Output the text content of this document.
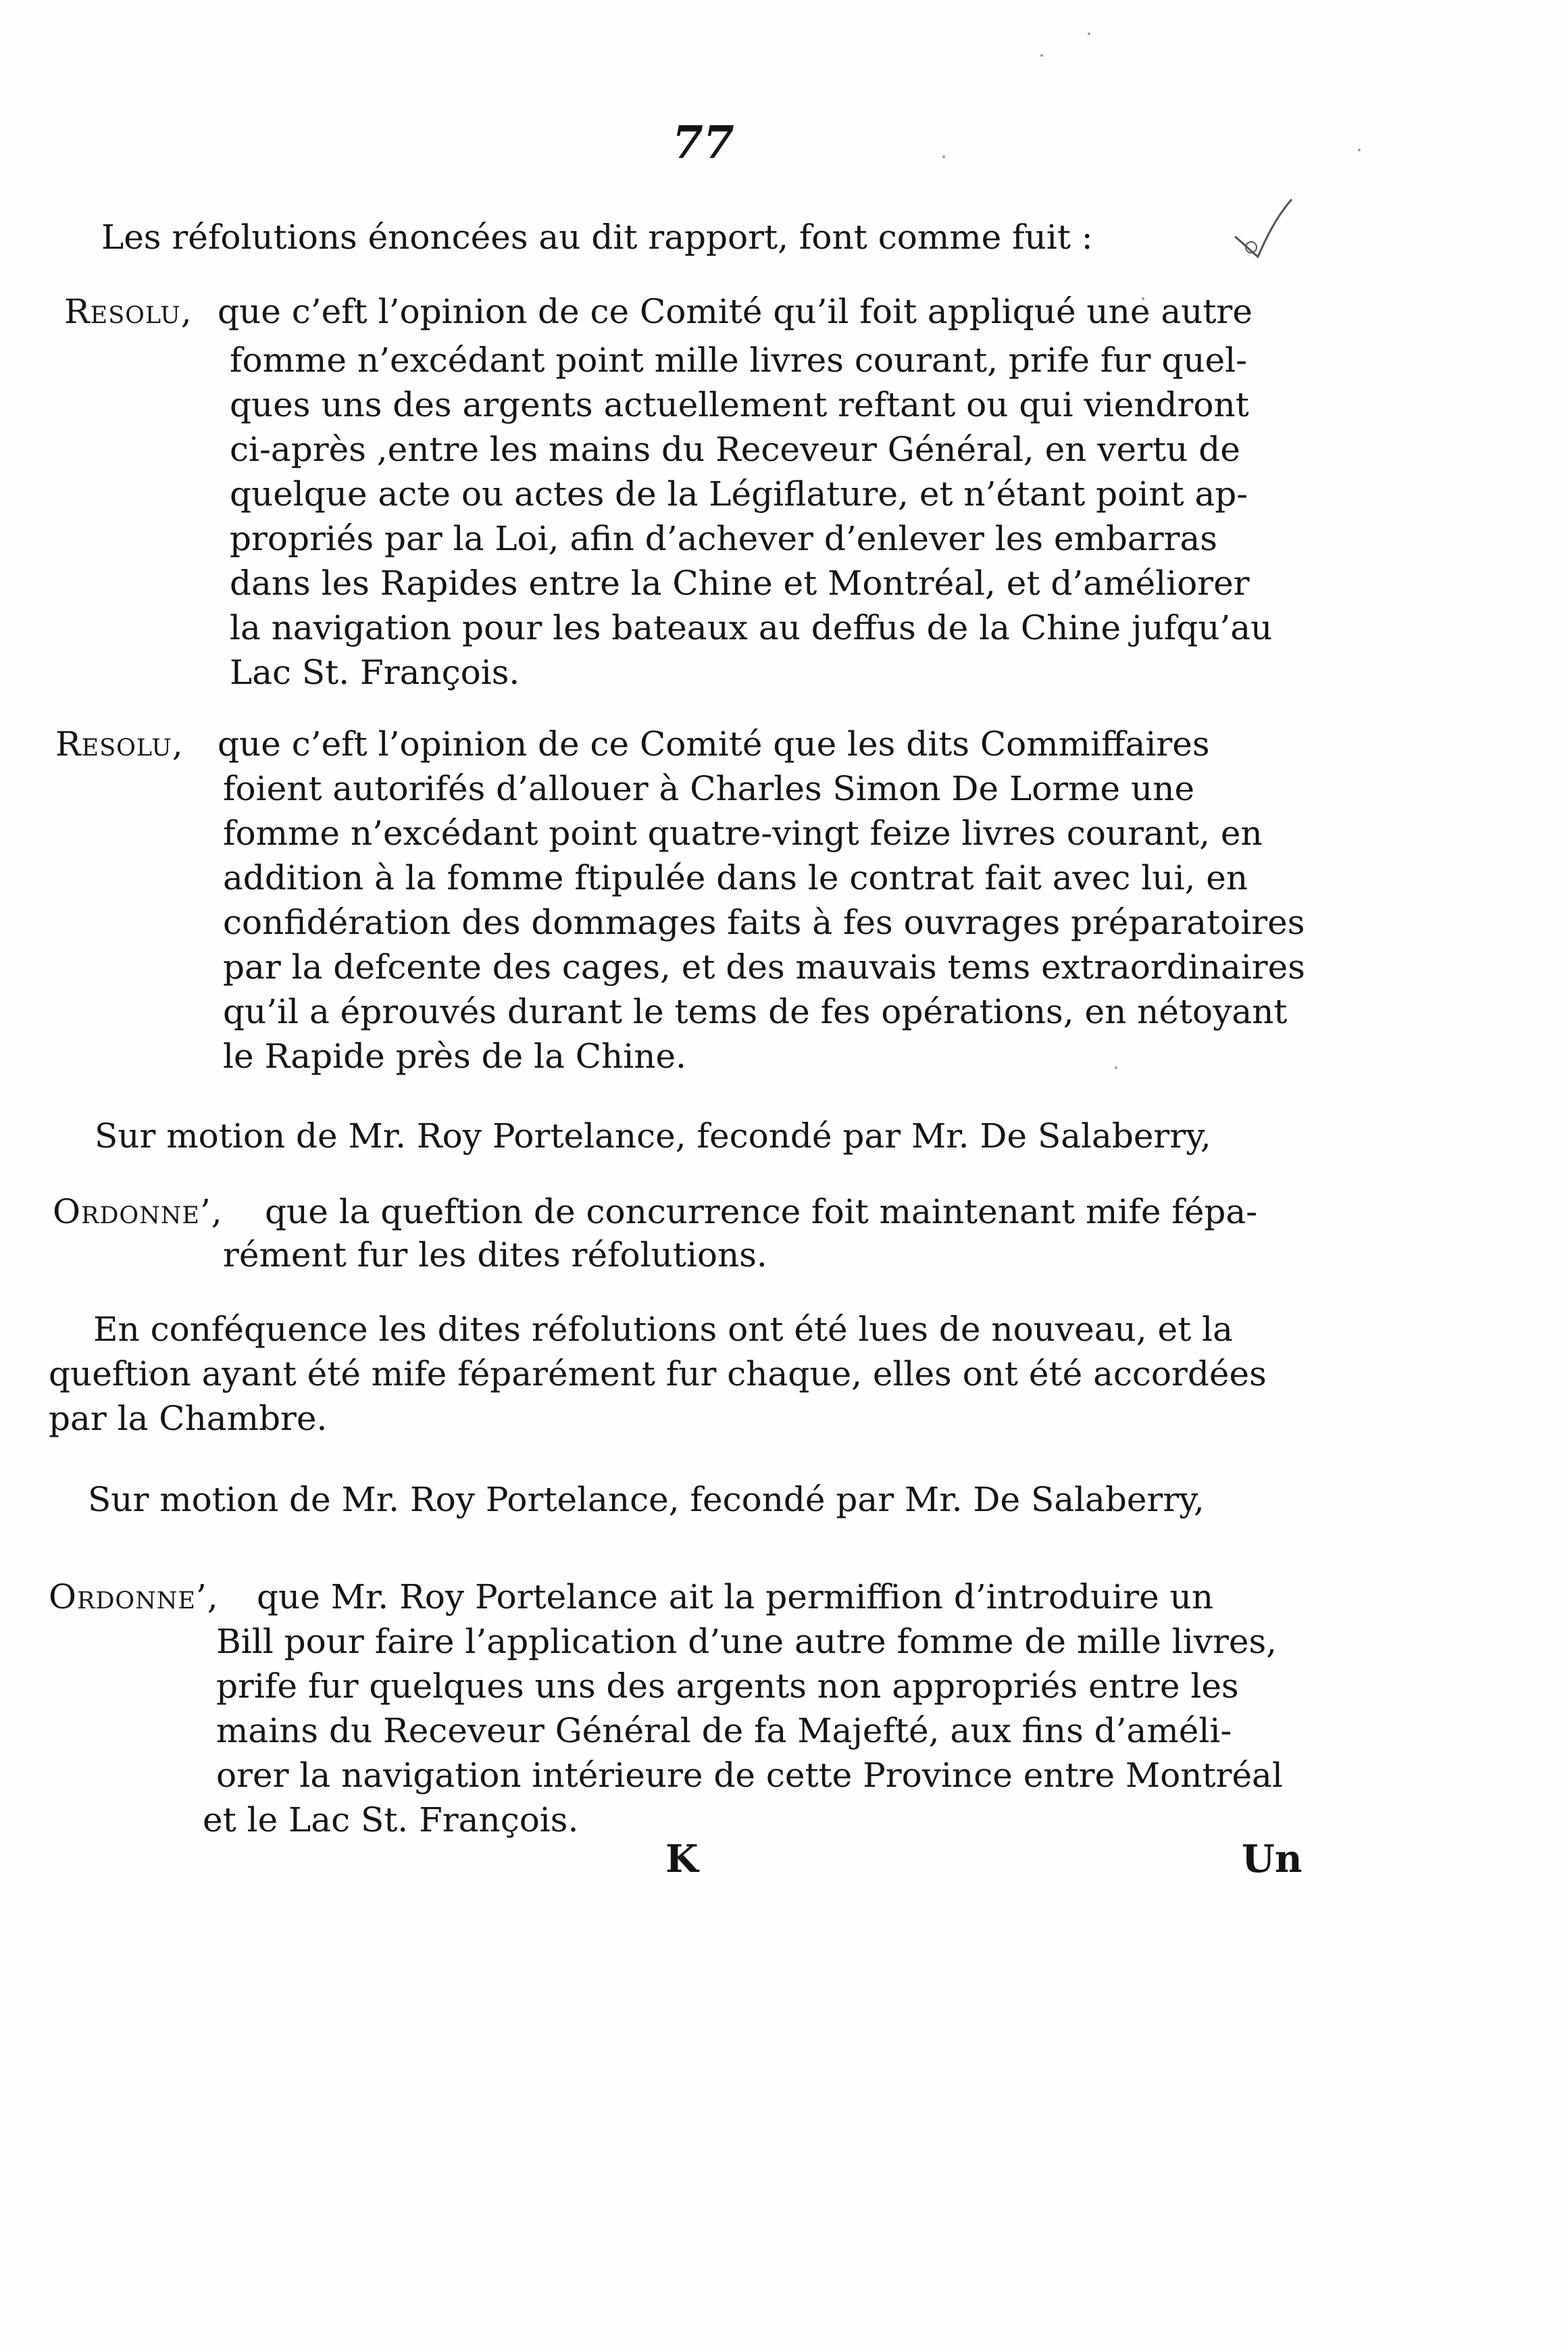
77
Les réfolutions énoncées au dit rapport, font comme fuit :
Resolu, que c’eft l’opinion de ce Comité qu’il foit appliqué une autre
fomme n’excédant point mille livres courant, prife fur quel-
ques uns des argents actuellement reftant ou qui viendront
ci-après ,entre les mains du Receveur Général, en vertu de
quelque acte ou actes de la Légiflature, et n’étant point ap-
propriés par la Loi, afin d’achever d’enlever les embarras
dans les Rapides entre la Chine et Montréal, et d’améliorer
la navigation pour les bateaux au deffus de la Chine jufqu’au
Lac St. François.
Resolu, que c’eft l’opinion de ce Comité que les dits Commiffaires
foient autorifés d’allouer à Charles Simon De Lorme une
fomme n’excédant point quatre-vingt feize livres courant, en
addition à la fomme ftipulée dans le contrat fait avec lui, en
confidération des dommages faits à fes ouvrages préparatoires
par la defcente des cages, et des mauvais tems extraordinaires
qu’il a éprouvés durant le tems de fes opérations, en nétoyant
le Rapide près de la Chine.
Sur motion de Mr. Roy Portelance, fecondé par Mr. De Salaberry,
Ordonne’, que la queftion de concurrence foit maintenant mife fépa-
rément fur les dites réfolutions.
En conféquence les dites réfolutions ont été lues de nouveau, et la
queftion ayant été mife féparément fur chaque, elles ont été accordées
par la Chambre.
Sur motion de Mr. Roy Portelance, fecondé par Mr. De Salaberry,
Ordonne’, que Mr. Roy Portelance ait la permiffion d’introduire un
Bill pour faire l’application d’une autre fomme de mille livres,
prife fur quelques uns des argents non appropriés entre les
mains du Receveur Général de fa Majefté, aux fins d’améli-
orer la navigation intérieure de cette Province entre Montréal
et le Lac St. François.
K	Un
